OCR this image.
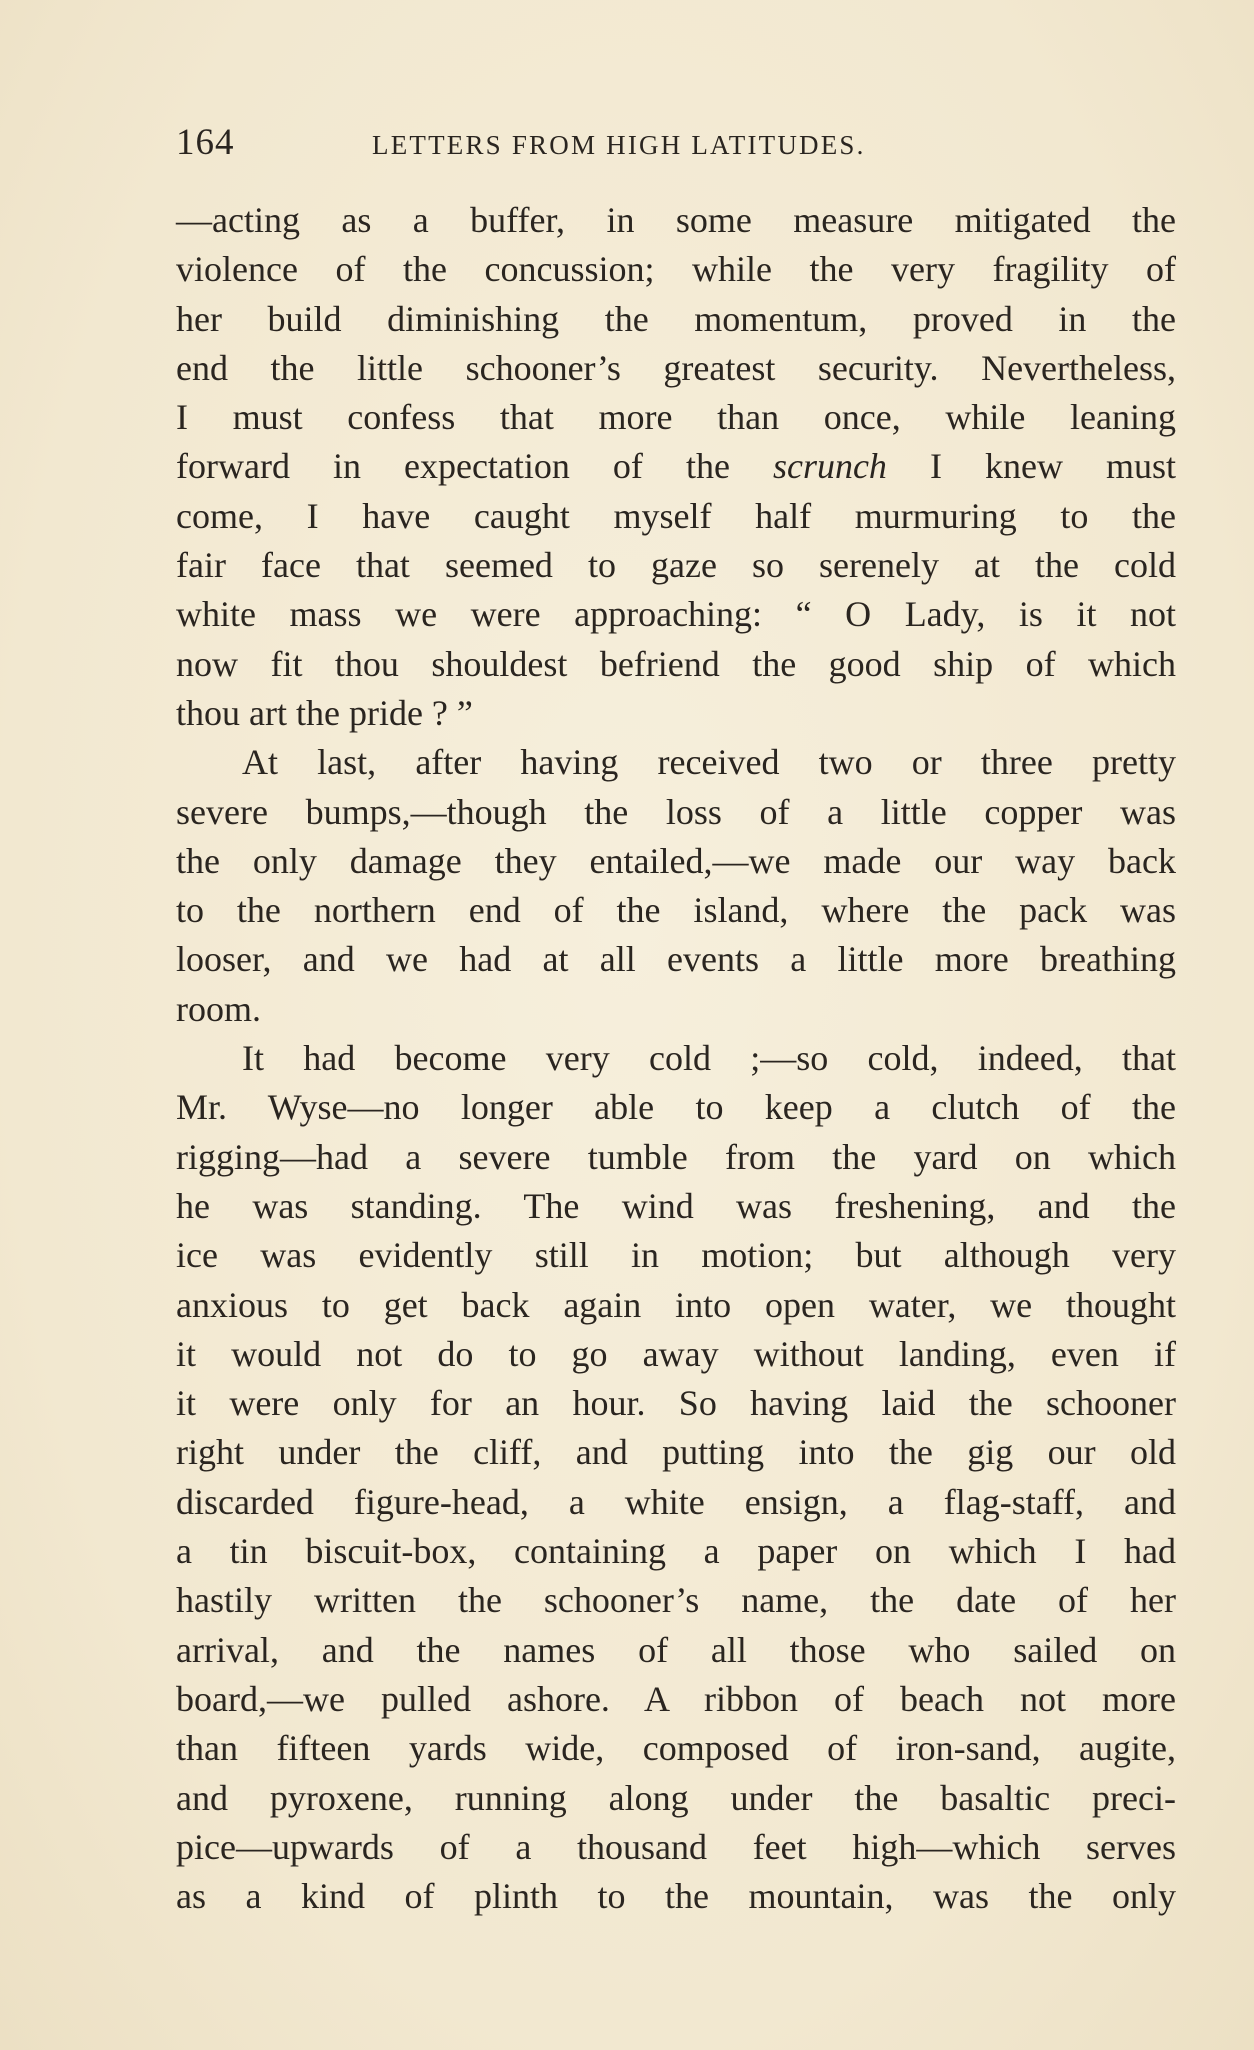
164	LETTERS FROM HIGH LATITUDES.
—acting as a buffer, in some measure mitigated the
violence of the concussion; while the very fragility of
her build diminishing the momentum, proved in the
end the little schooner’s greatest security. Nevertheless,
I must confess that more than once, while leaning
forward in expectation of the scrunch I knew must
come, I have caught myself half murmuring to the
fair face that seemed to gaze so serenely at the cold
white mass we were approaching: “ O Lady, is it not
now fit thou shouldest befriend the good ship of which
thou art the pride ? ”
At last, after having received two or three pretty
severe bumps,—though the loss of a little copper was
the only damage they entailed,—we made our way back
to the northern end of the island, where the pack was
looser, and we had at all events a little more breathing
room.
It had become very cold ;—so cold, indeed, that
Mr. Wyse—no longer able to keep a clutch of the
rigging—had a severe tumble from the yard on which
he was standing. The wind was freshening, and the
ice was evidently still in motion; but although very
anxious to get back again into open water, we thought
it would not do to go away without landing, even if
it were only for an hour. So having laid the schooner
right under the cliff, and putting into the gig our old
discarded figure-head, a white ensign, a flag-staff, and
a tin biscuit-box, containing a paper on which I had
hastily written the schooner’s name, the date of her
arrival, and the names of all those who sailed on
board,—we pulled ashore. A ribbon of beach not more
than fifteen yards wide, composed of iron-sand, augite,
and pyroxene, running along under the basaltic preci-
pice—upwards of a thousand feet high—which serves
as a kind of plinth to the mountain, was the only
